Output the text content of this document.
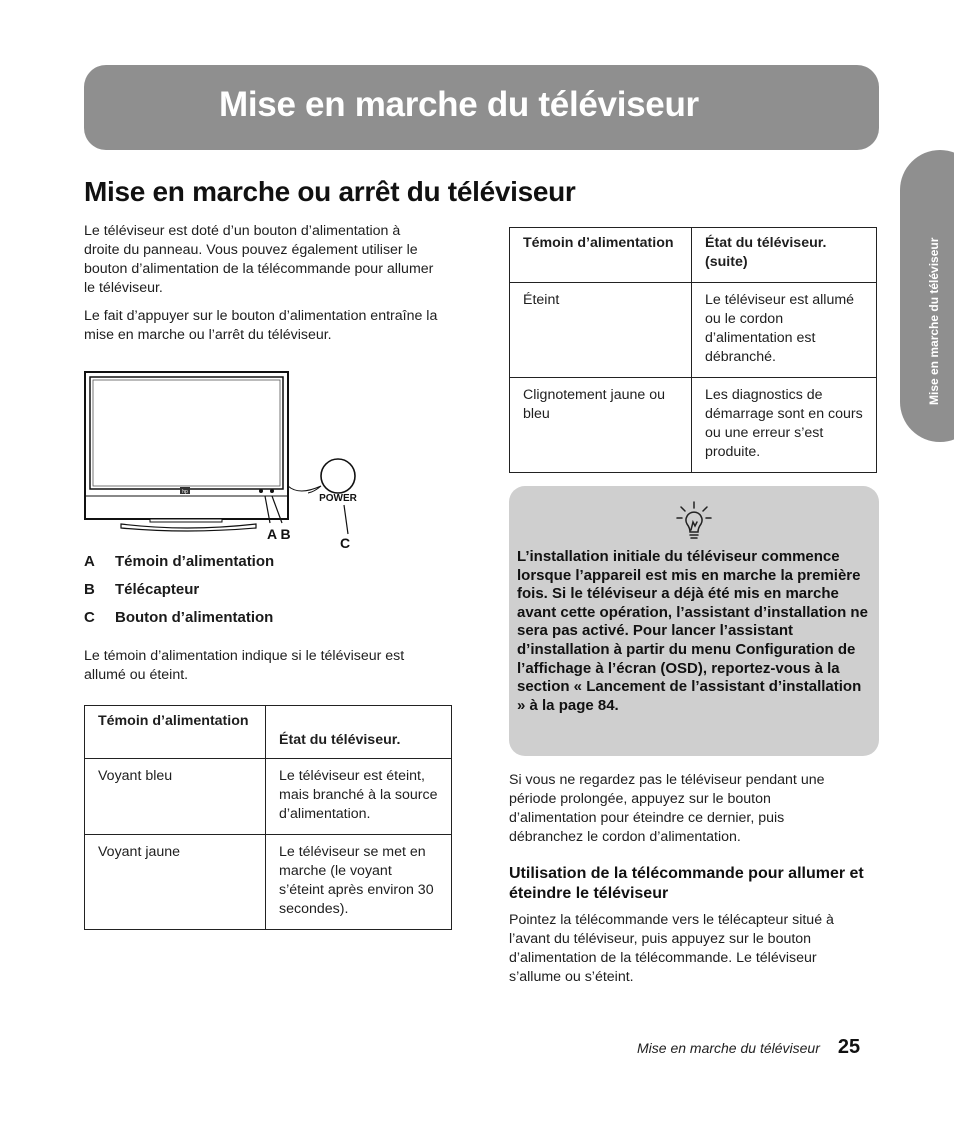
Mise en marche du téléviseur
Mise en marche du téléviseur
Mise en marche ou arrêt du téléviseur

Le téléviseur est doté d’un bouton d’alimentation à droite du panneau. Vous pouvez également utiliser le bouton d’alimentation de la télécommande pour allumer le téléviseur.

Le fait d’appuyer sur le bouton d’alimentation entraîne la mise en marche ou l’arrêt du téléviseur.

hp
POWER
A B
C
A	Témoin d’alimentation
B	Télécapteur
C	Bouton d’alimentation

Le témoin d’alimentation indique si le téléviseur est allumé ou éteint.

Témoin d’alimentation	État du téléviseur.

Voyant bleu	Le téléviseur est éteint, mais branché à la source d’alimentation.

Voyant jaune	Le téléviseur se met en marche (le voyant s’éteint après environ 30 secondes).
Témoin d’alimentation	État du téléviseur. (suite)

Éteint	Le téléviseur est allumé ou le cordon d’alimentation est débranché.

Clignotement jaune ou bleu	Les diagnostics de démarrage sont en cours ou une erreur s’est produite.
L’installation initiale du téléviseur commence lorsque l’appareil est mis en marche la première fois. Si le téléviseur a déjà été mis en marche avant cette opération, l’assistant d’installation ne sera pas activé. Pour lancer l’assistant d’installation à partir du menu Configuration de l’affichage à l’écran (OSD), reportez-vous à la section « Lancement de l’assistant d’installation » à la page 84.

Si vous ne regardez pas le téléviseur pendant une période prolongée, appuyez sur le bouton d’alimentation pour éteindre ce dernier, puis débranchez le cordon d’alimentation.

Utilisation de la télécommande pour allumer et éteindre le téléviseur

Pointez la télécommande vers le télécapteur situé à l’avant du téléviseur, puis appuyez sur le bouton d’alimentation de la télécommande. Le téléviseur s’allume ou s’éteint.

Mise en marche du téléviseur 25
